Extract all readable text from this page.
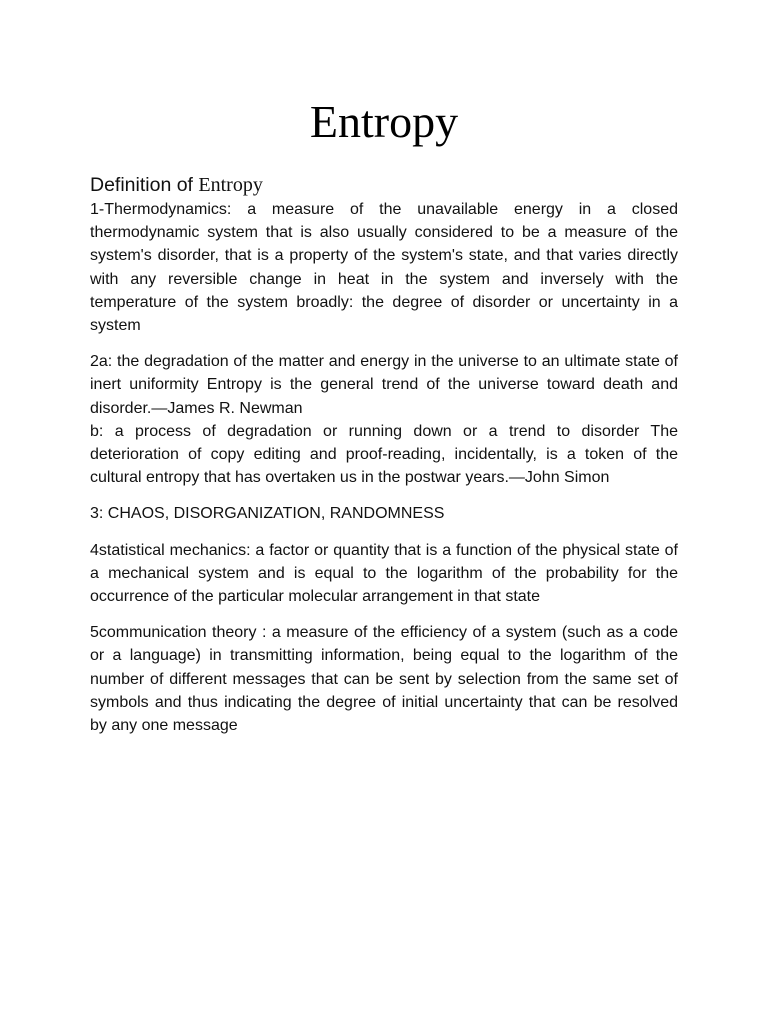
Entropy

Definition of Entropy

1-Thermodynamics: a measure of the unavailable energy in a closed thermodynamic system that is also usually considered to be a measure of the system's disorder, that is a property of the system's state, and that varies directly with any reversible change in heat in the system and inversely with the temperature of the system broadly: the degree of disorder or uncertainty in a system

2a: the degradation of the matter and energy in the universe to an ultimate state of inert uniformity Entropy is the general trend of the universe toward death and disorder.—James R. Newman

b: a process of degradation or running down or a trend to disorder The deterioration of copy editing and proof-reading, incidentally, is a token of the cultural entropy that has overtaken us in the postwar years.—John Simon

3: CHAOS, DISORGANIZATION, RANDOMNESS

4statistical mechanics: a factor or quantity that is a function of the physical state of a mechanical system and is equal to the logarithm of the probability for the occurrence of the particular molecular arrangement in that state

5communication theory : a measure of the efficiency of a system (such as a code or a language) in transmitting information, being equal to the logarithm of the number of different messages that can be sent by selection from the same set of symbols and thus indicating the degree of initial uncertainty that can be resolved by any one message
